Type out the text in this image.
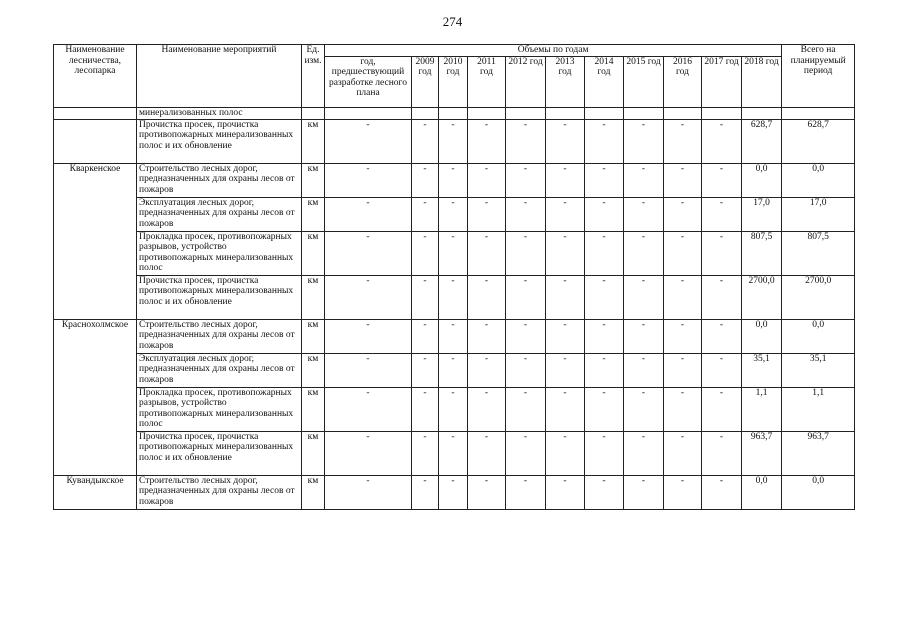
274
Наименование лесничества, лесопарка	Наименование мероприятий	Ед. изм.	Объемы по годам											Всего на планируемый период
			год, предшествующий разработке лесного плана	2009 год	2010 год	2011 год	2012 год	2013 год	2014 год	2015 год	2016 год	2017 год	2018 год	
	минерализованных полос													
	Прочистка просек, прочистка противопожарных минерализованных полос и их обновление	км	-	-	-	-	-	-	-	-	-	-	628,7	628,7
Кваркенское	Строительство лесных дорог, предназначенных для охраны лесов от пожаров	км	-	-	-	-	-	-	-	-	-	-	0,0	0,0
	Эксплуатация лесных дорог, предназначенных для охраны лесов от пожаров	км	-	-	-	-	-	-	-	-	-	-	17,0	17,0
	Прокладка просек, противопожарных разрывов, устройство противопожарных минерализованных полос	км	-	-	-	-	-	-	-	-	-	-	807,5	807,5
	Прочистка просек, прочистка противопожарных минерализованных полос и их обновление	км	-	-	-	-	-	-	-	-	-	-	2700,0	2700,0
Краснохолмское	Строительство лесных дорог, предназначенных для охраны лесов от пожаров	км	-	-	-	-	-	-	-	-	-	-	0,0	0,0
	Эксплуатация лесных дорог, предназначенных для охраны лесов от пожаров	км	-	-	-	-	-	-	-	-	-	-	35,1	35,1
	Прокладка просек, противопожарных разрывов, устройство противопожарных минерализованных полос	км	-	-	-	-	-	-	-	-	-	-	1,1	1,1
	Прочистка просек, прочистка противопожарных минерализованных полос и их обновление	км	-	-	-	-	-	-	-	-	-	-	963,7	963,7
Кувандыкское	Строительство лесных дорог, предназначенных для охраны лесов от пожаров	км	-	-	-	-	-	-	-	-	-	-	0,0	0,0
